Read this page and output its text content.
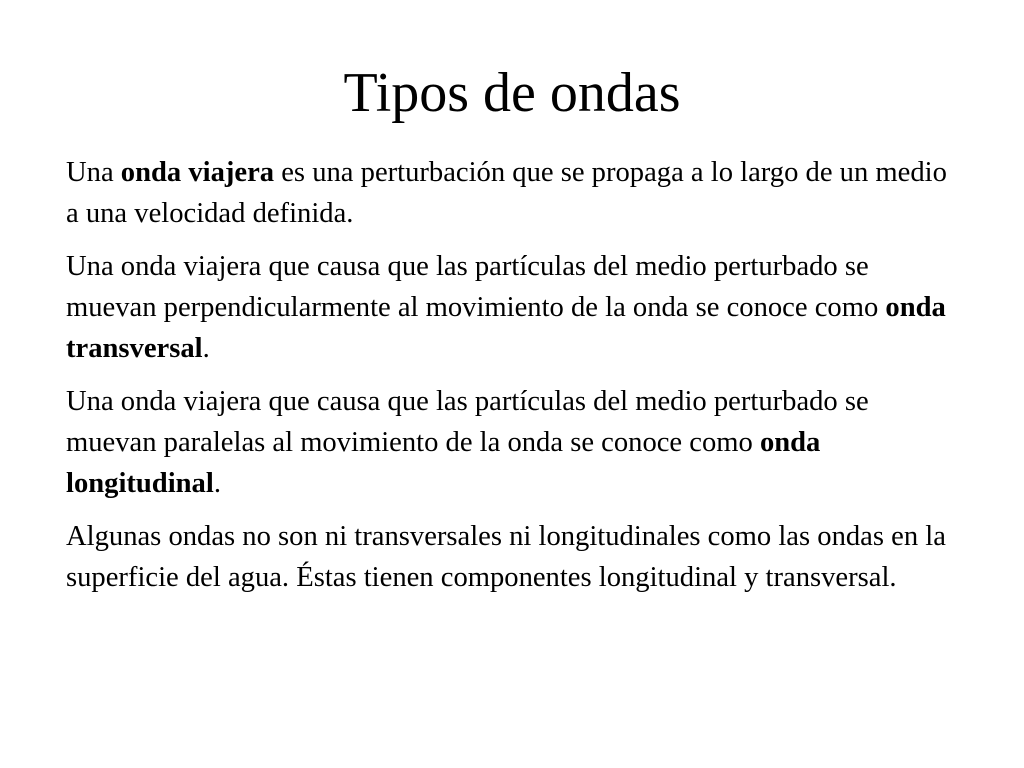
Tipos de ondas

Una onda viajera es una perturbación que se propaga a lo largo de un medio a una velocidad definida.

Una onda viajera que causa que las partículas del medio perturbado se muevan perpendicularmente al movimiento de la onda se conoce como onda transversal.

Una onda viajera que causa que las partículas del medio perturbado se muevan paralelas al movimiento de la onda se conoce como onda longitudinal.

Algunas ondas no son ni transversales ni longitudinales como las ondas en la superficie del agua. Éstas tienen componentes longitudinal y transversal.
